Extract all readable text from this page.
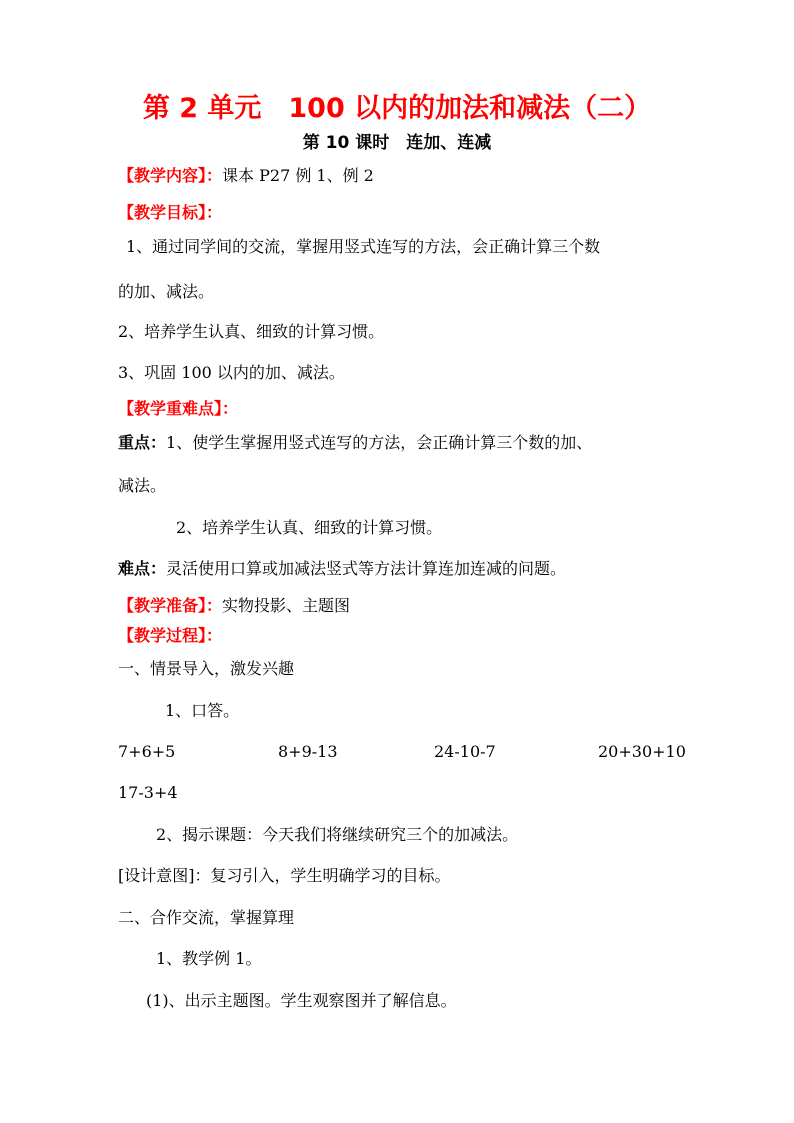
第 2 单元　100 以内的加法和减法（二）
第 10 课时　连加、连减
【教学内容】：课本 P27 例 1、例 2
【教学目标】：
1、通过同学间的交流，掌握用竖式连写的方法，会正确计算三个数
的加、减法。
2、培养学生认真、细致的计算习惯。
3、巩固 100 以内的加、减法。
【教学重难点】：
重点：1、使学生掌握用竖式连写的方法，会正确计算三个数的加、
减法。
2、培养学生认真、细致的计算习惯。
难点：灵活使用口算或加减法竖式等方法计算连加连减的问题。
【教学准备】：实物投影、主题图
【教学过程】：
一、情景导入，激发兴趣
1、口答。
7+6+5	8+9-13	24-10-7	20+30+10
17-3+4
2、揭示课题：今天我们将继续研究三个的加减法。
[设计意图]：复习引入，学生明确学习的目标。
二、合作交流，掌握算理
1、教学例 1。
(1)、出示主题图。学生观察图并了解信息。
